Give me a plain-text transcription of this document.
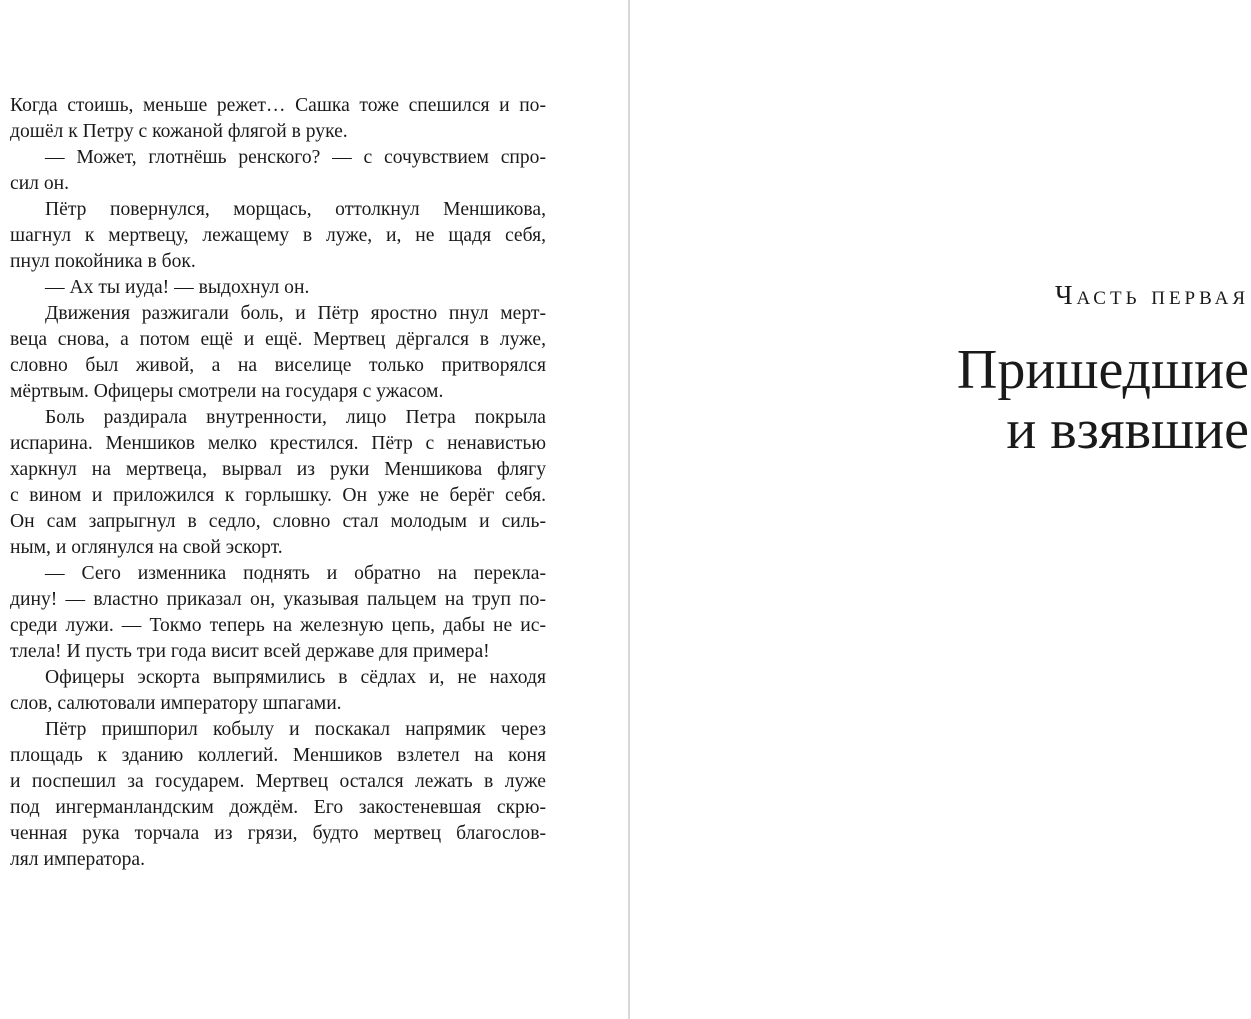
Когда стоишь, меньше режет… Сашка тоже спешился и по-
дошёл к Петру с кожаной флягой в руке.
— Может, глотнёшь ренского? — с сочувствием спро-
сил он.
Пётр повернулся, морщась, оттолкнул Меншикова,
шагнул к мертвецу, лежащему в луже, и, не щадя себя,
пнул покойника в бок.
— Ах ты иуда! — выдохнул он.
Движения разжигали боль, и Пётр яростно пнул мерт-
веца снова, а потом ещё и ещё. Мертвец дёргался в луже,
словно был живой, а на виселице только притворялся
мёртвым. Офицеры смотрели на государя с ужасом.
Боль раздирала внутренности, лицо Петра покрыла
испарина. Меншиков мелко крестился. Пётр с ненавистью
харкнул на мертвеца, вырвал из руки Меншикова флягу
с вином и приложился к горлышку. Он уже не берёг себя.
Он сам запрыгнул в седло, словно стал молодым и силь-
ным, и оглянулся на свой эскорт.
— Сего изменника поднять и обратно на перекла-
дину! — властно приказал он, указывая пальцем на труп по-
среди лужи. — Токмо теперь на железную цепь, дабы не ис-
тлела! И пусть три года висит всей державе для примера!
Офицеры эскорта выпрямились в сёдлах и, не находя
слов, салютовали императору шпагами.
Пётр пришпорил кобылу и поскакал напрямик через
площадь к зданию коллегий. Меншиков взлетел на коня
и поспешил за государем. Мертвец остался лежать в луже
под ингерманландским дождём. Его закостеневшая скрю-
ченная рука торчала из грязи, будто мертвец благослов-
лял императора.
Часть первая
Пришедшие
и взявшие
